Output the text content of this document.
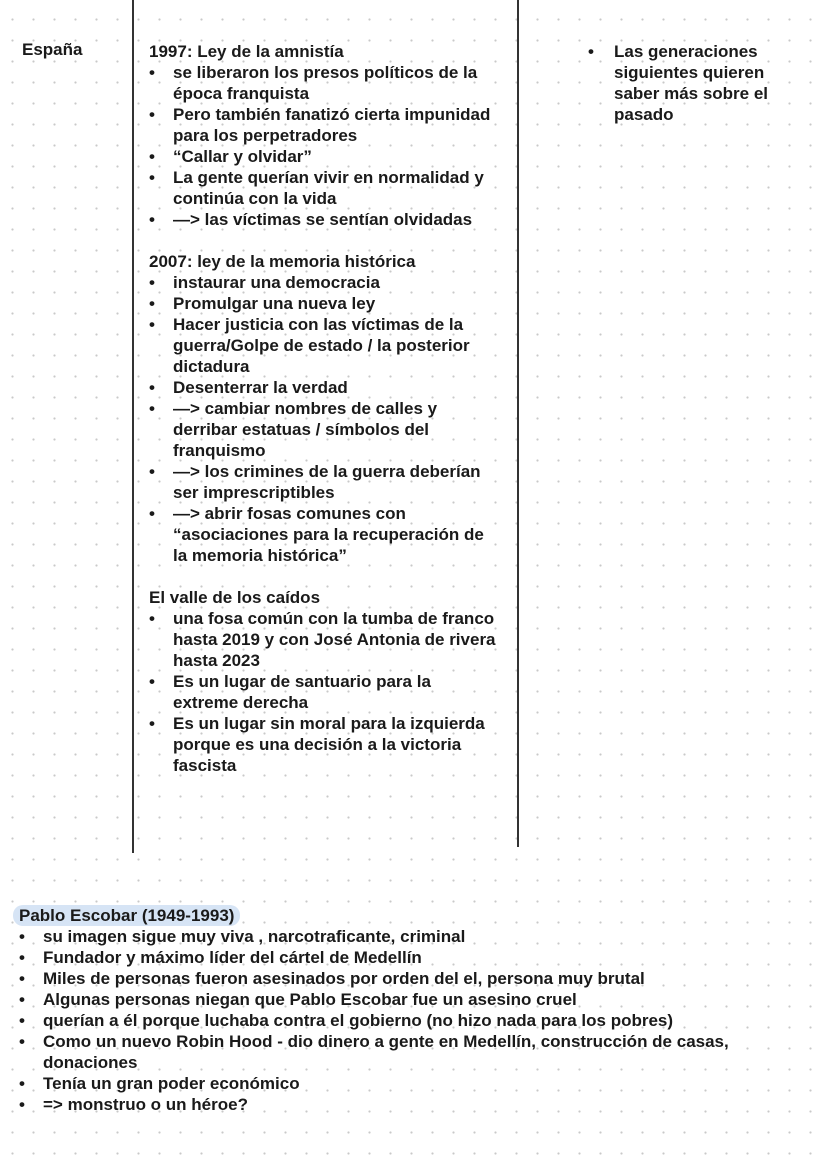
España	1997: Ley de la amnistía
• se liberaron los presos políticos de la época franquista
• Pero también fanatizó cierta impunidad para los perpetradores
• “Callar y olvidar”
• La gente querían vivir en normalidad y continúa con la vida
• —> las víctimas se sentían olvidadas
2007: ley de la memoria histórica
• instaurar una democracia
• Promulgar una nueva ley
• Hacer justicia con las víctimas de la guerra/Golpe de estado / la posterior dictadura
• Desenterrar la verdad
• —> cambiar nombres de calles y derribar estatuas / símbolos del franquismo
• —> los crimines de la guerra deberían ser imprescriptibles
• —> abrir fosas comunes con “asociaciones para la recuperación de la memoria histórica”
El valle de los caídos
• una fosa común con la tumba de franco hasta 2019 y con José Antonia de rivera hasta 2023
• Es un lugar de santuario para la extreme derecha
• Es un lugar sin moral para la izquierda porque es una decisión a la victoria fascista
• Las generaciones siguientes quieren saber más sobre el pasado
Pablo Escobar (1949-1993)
• su imagen sigue muy viva , narcotraficante, criminal
• Fundador y máximo líder del cártel de Medellín
• Miles de personas fueron asesinados por orden del el, persona muy brutal
• Algunas personas niegan que Pablo Escobar fue un asesino cruel
• querían a él porque luchaba contra el gobierno (no hizo nada para los pobres)
• Como un nuevo Robin Hood - dio dinero a gente en Medellín, construcción de casas, donaciones
• Tenía un gran poder económico
• => monstruo o un héroe?
